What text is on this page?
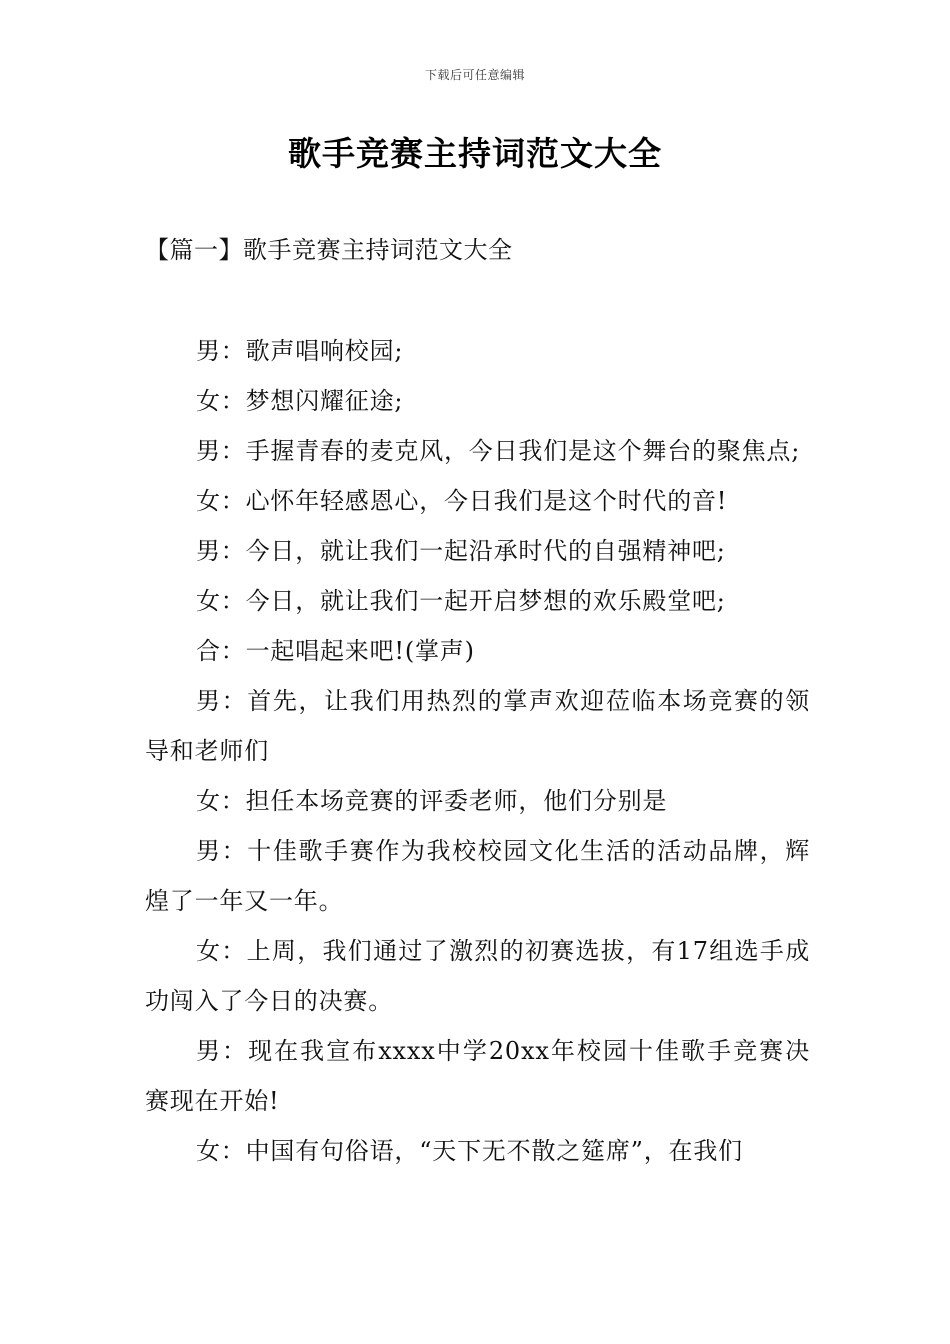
下载后可任意编辑
歌手竞赛主持词范文大全
【篇一】歌手竞赛主持词范文大全

男：歌声唱响校园;

女：梦想闪耀征途;

男：手握青春的麦克风，今日我们是这个舞台的聚焦点;

女：心怀年轻感恩心，今日我们是这个时代的音!

男：今日，就让我们一起沿承时代的自强精神吧;

女：今日，就让我们一起开启梦想的欢乐殿堂吧;

合：一起唱起来吧!(掌声)

男：首先，让我们用热烈的掌声欢迎莅临本场竞赛的领导和老师们

女：担任本场竞赛的评委老师，他们分别是

男：十佳歌手赛作为我校校园文化生活的活动品牌，辉煌了一年又一年。

女：上周，我们通过了激烈的初赛选拔，有17组选手成功闯入了今日的决赛。

男：现在我宣布xxxx中学20xx年校园十佳歌手竞赛决赛现在开始!

女：中国有句俗语，“天下无不散之筵席”，在我们
